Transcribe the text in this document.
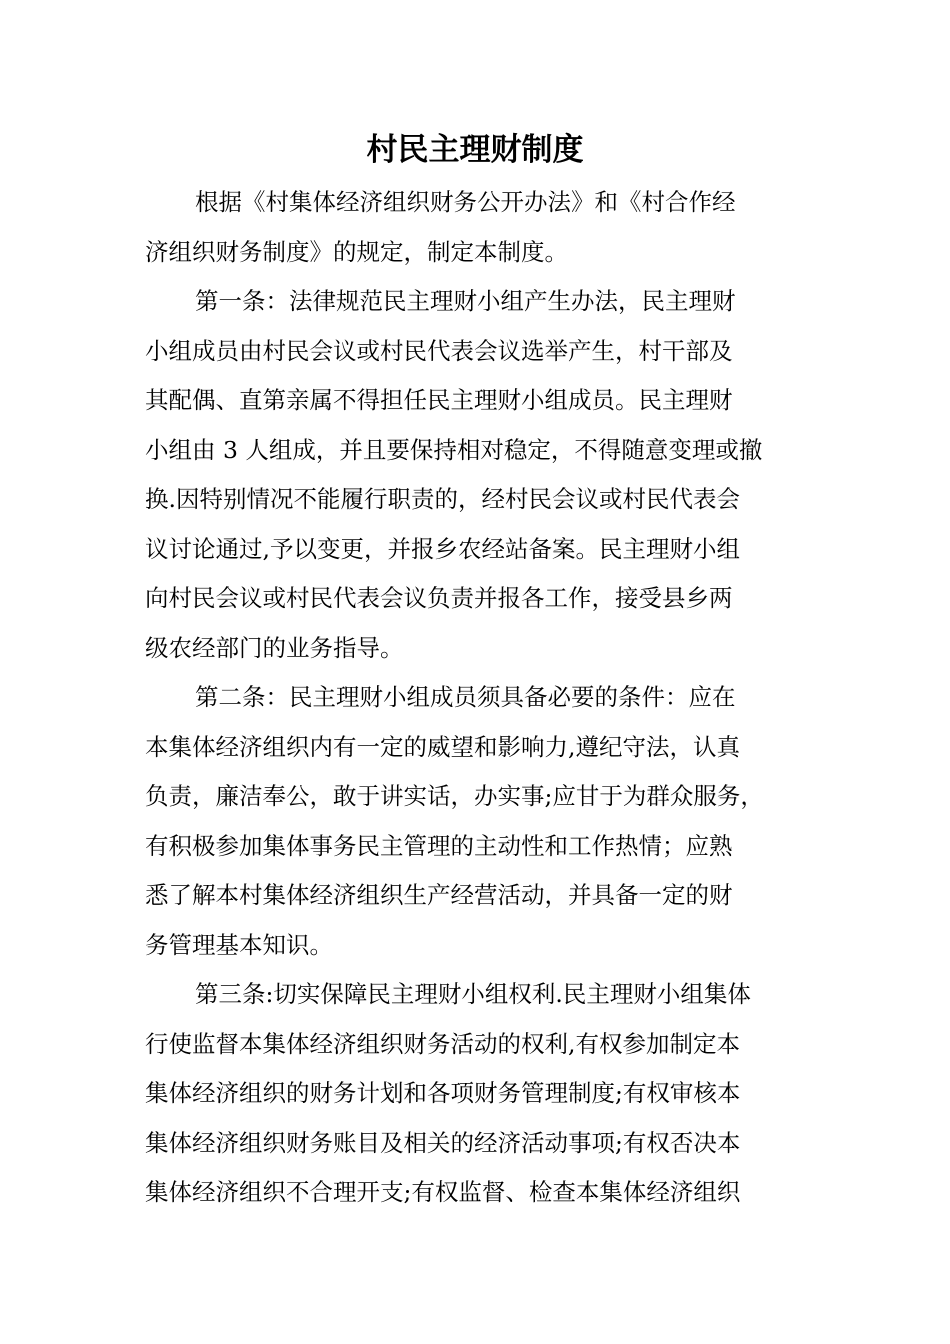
村民主理财制度
根据《村集体经济组织财务公开办法》和《村合作经
济组织财务制度》的规定，制定本制度。
第一条：法律规范民主理财小组产生办法，民主理财
小组成员由村民会议或村民代表会议选举产生，村干部及
其配偶、直第亲属不得担任民主理财小组成员。民主理财
小组由 3 人组成，并且要保持相对稳定，不得随意变理或撤
换.因特别情况不能履行职责的，经村民会议或村民代表会
议讨论通过,予以变更，并报乡农经站备案。民主理财小组
向村民会议或村民代表会议负责并报各工作，接受县乡两
级农经部门的业务指导。
第二条：民主理财小组成员须具备必要的条件：应在
本集体经济组织内有一定的威望和影响力,遵纪守法，认真
负责，廉洁奉公，敢于讲实话，办实事;应甘于为群众服务，
有积极参加集体事务民主管理的主动性和工作热情；应熟
悉了解本村集体经济组织生产经营活动，并具备一定的财
务管理基本知识。
第三条:切实保障民主理财小组权利.民主理财小组集体
行使监督本集体经济组织财务活动的权利,有权参加制定本
集体经济组织的财务计划和各项财务管理制度;有权审核本
集体经济组织财务账目及相关的经济活动事项;有权否决本
集体经济组织不合理开支;有权监督、检查本集体经济组织
